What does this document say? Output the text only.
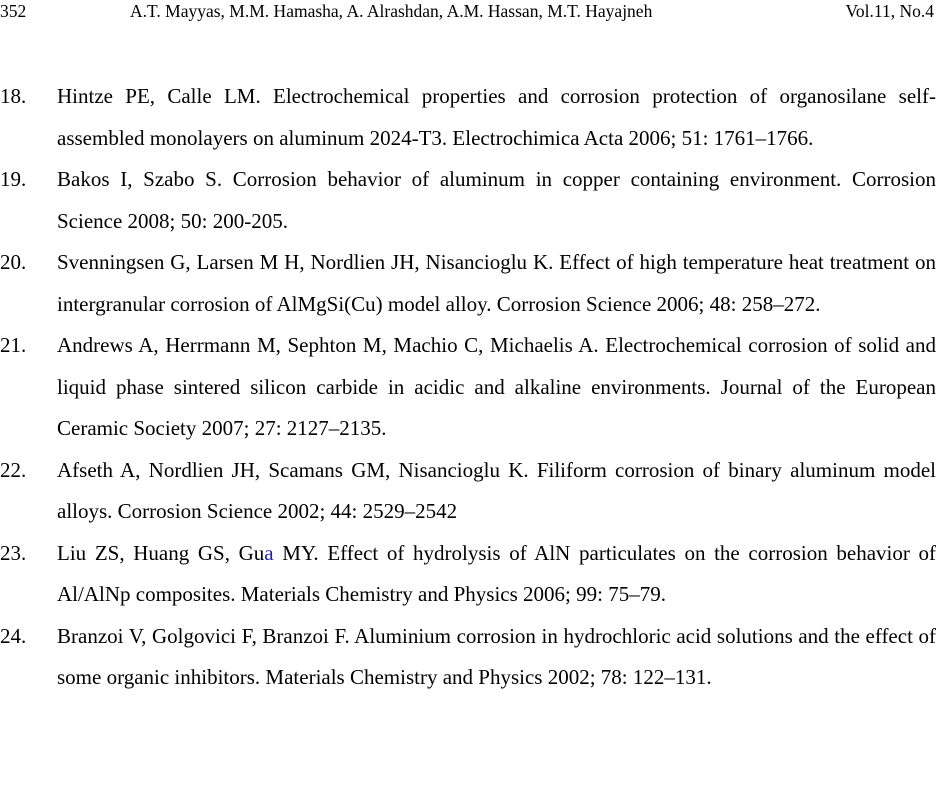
352	A.T. Mayyas, M.M. Hamasha, A. Alrashdan, A.M. Hassan, M.T. Hayajneh	Vol.11, No.4
18. Hintze PE, Calle LM. Electrochemical properties and corrosion protection of organosilane self-assembled monolayers on aluminum 2024-T3. Electrochimica Acta 2006; 51: 1761–1766.
19. Bakos I, Szabo S. Corrosion behavior of aluminum in copper containing environment. Corrosion Science 2008; 50: 200-205.
20. Svenningsen G, Larsen M H, Nordlien JH, Nisancioglu K. Effect of high temperature heat treatment on intergranular corrosion of AlMgSi(Cu) model alloy. Corrosion Science 2006; 48: 258–272.
21. Andrews A, Herrmann M, Sephton M, Machio C, Michaelis A. Electrochemical corrosion of solid and liquid phase sintered silicon carbide in acidic and alkaline environments. Journal of the European Ceramic Society 2007; 27: 2127–2135.
22. Afseth A, Nordlien JH, Scamans GM, Nisancioglu K. Filiform corrosion of binary aluminum model alloys. Corrosion Science 2002; 44: 2529–2542
23. Liu ZS, Huang GS, Gua MY. Effect of hydrolysis of AlN particulates on the corrosion behavior of Al/AlNp composites. Materials Chemistry and Physics 2006; 99: 75–79.
24. Branzoi V, Golgovici F, Branzoi F. Aluminium corrosion in hydrochloric acid solutions and the effect of some organic inhibitors. Materials Chemistry and Physics 2002; 78: 122–131.
